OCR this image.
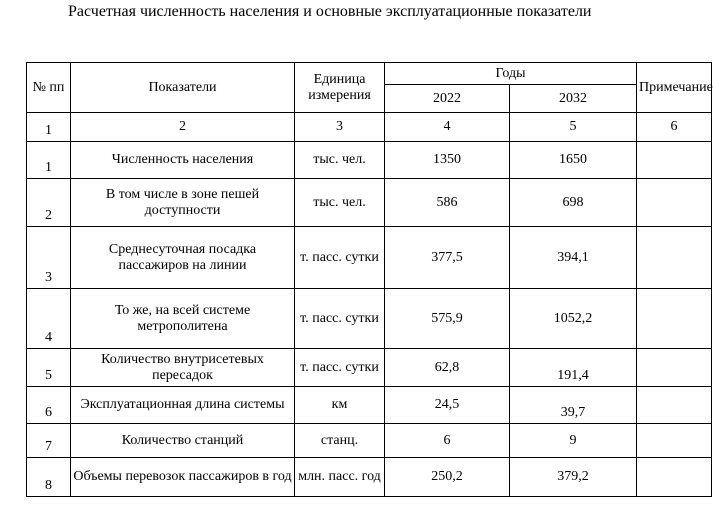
Расчетная численность населения и основные эксплуатационные показатели
№ пп	Показатели	Единица измерения	Годы		Примечание
			2022	2032	
1	2	3	4	5	6
1	Численность населения	тыс. чел.	1350	1650	
2	В том числе в зоне пешей доступности	тыс. чел.	586	698	
3	Среднесуточная посадка пассажиров на линии	т. пасс. сутки	377,5	394,1	
4	То же, на всей системе метрополитена	т. пасс. сутки	575,9	1052,2	
5	Количество внутрисетевых пересадок	т. пасс. сутки	62,8	191,4	
6	Эксплуатационная длина системы	км	24,5	39,7	
7	Количество станций	станц.	6	9	
8	Объемы перевозок пассажиров в год	млн. пасс. год	250,2	379,2	
